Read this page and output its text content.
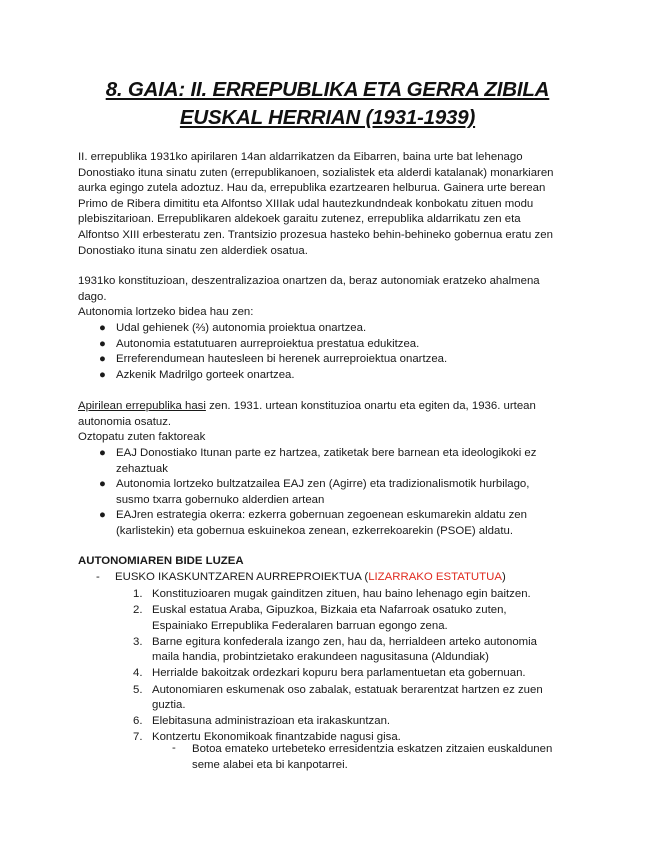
8. GAIA: II. ERREPUBLIKA ETA GERRA ZIBILA
EUSKAL HERRIAN (1931-1939)
II. errepublika 1931ko apirilaren 14an aldarrikatzen da Eibarren, baina urte bat lehenago
Donostiako ituna sinatu zuten (errepublikanoen, sozialistek eta alderdi katalanak) monarkiaren
aurka egingo zutela adoztuz. Hau da, errepublika ezartzearen helburua. Gainera urte berean
Primo de Ribera dimititu eta Alfontso XIIIak udal hautezkundndeak konbokatu zituen modu
plebiszitarioan. Errepublikaren aldekoek garaitu zutenez, errepublika aldarrikatu zen eta
Alfontso XIII erbesteratu zen. Trantsizio prozesua hasteko behin-behineko gobernua eratu zen
Donostiako ituna sinatu zen alderdiek osatua.
1931ko konstituzioan, deszentralizazioa onartzen da, beraz autonomiak eratzeko ahalmena
dago.
Autonomia lortzeko bidea hau zen:
● Udal gehienek (⅔) autonomia proiektua onartzea.
● Autonomia estatutuaren aurreproiektua prestatua edukitzea.
● Erreferendumean hautesleen bi herenek aurreproiektua onartzea.
● Azkenik Madrilgo gorteek onartzea.
Apirilean errepublika hasi zen. 1931. urtean konstituzioa onartu eta egiten da, 1936. urtean
autonomia osatuz.
Oztopatu zuten faktoreak
● EAJ Donostiako Itunan parte ez hartzea, zatiketak bere barnean eta ideologikoki ez
zehaztuak
● Autonomia lortzeko bultzatzailea EAJ zen (Agirre) eta tradizionalismotik hurbilago,
susmo txarra gobernuko alderdien artean
● EAJren estrategia okerra: ezkerra gobernuan zegoenean eskumarekin aldatu zen
(karlistekin) eta gobernua eskuinekoa zenean, ezkerrekoarekin (PSOE) aldatu.
AUTONOMIAREN BIDE LUZEA
- EUSKO IKASKUNTZAREN AURREPROIEKTUA (LIZARRAKO ESTATUTUA)
1. Konstituzioaren mugak gainditzen zituen, hau baino lehenago egin baitzen.
2. Euskal estatua Araba, Gipuzkoa, Bizkaia eta Nafarroak osatuko zuten,
Espainiako Errepublika Federalaren barruan egongo zena.
3. Barne egitura konfederala izango zen, hau da, herrialdeen arteko autonomia
maila handia, probintzietako erakundeen nagusitasuna (Aldundiak)
4. Herrialde bakoitzak ordezkari kopuru bera parlamentuetan eta gobernuan.
5. Autonomiaren eskumenak oso zabalak, estatuak berarentzat hartzen ez zuen
guztia.
6. Elebitasuna administrazioan eta irakaskuntzan.
7. Kontzertu Ekonomikoak finantzabide nagusi gisa.
- Botoa emateko urtebeteko erresidentzia eskatzen zitzaien euskaldunen
seme alabei eta bi kanpotarrei.
